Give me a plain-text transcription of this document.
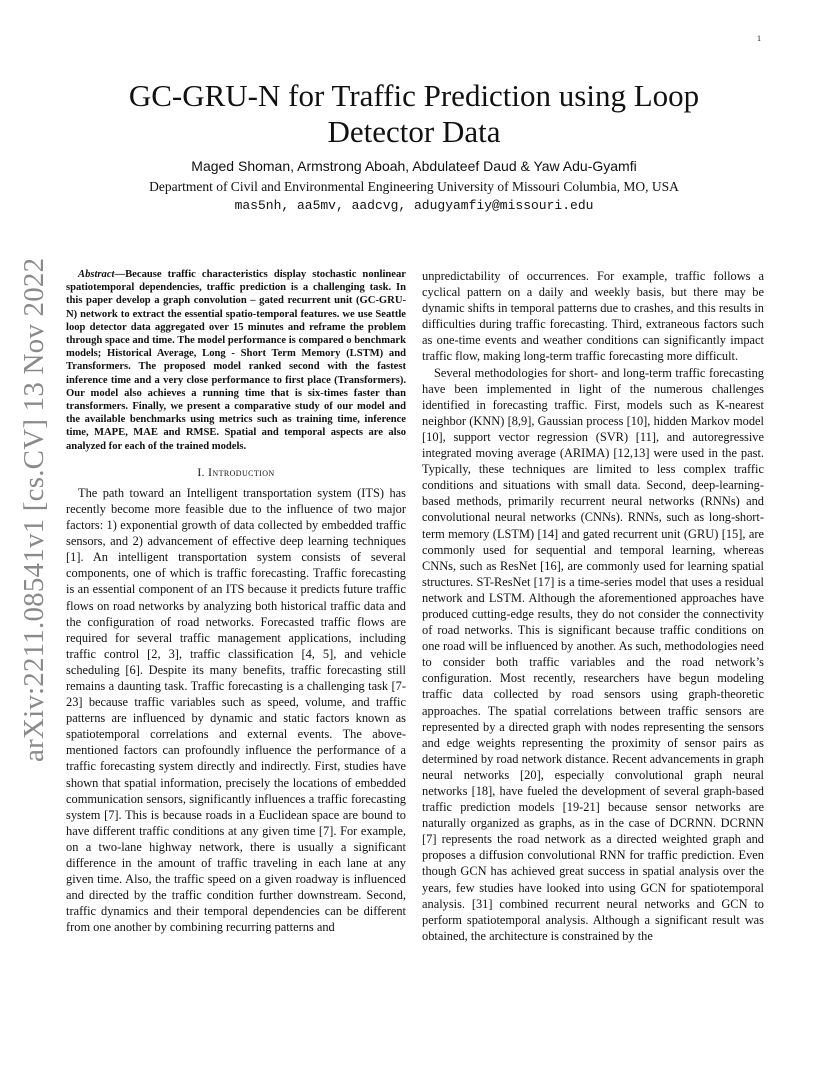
1
GC-GRU-N for Traffic Prediction using Loop Detector Data
Maged Shoman, Armstrong Aboah, Abdulateef Daud & Yaw Adu-Gyamfi
Department of Civil and Environmental Engineering University of Missouri Columbia, MO, USA
mas5nh, aa5mv, aadcvg, adugyamfiy@missouri.edu
arXiv:2211.08541v1 [cs.CV] 13 Nov 2022	Abstract—Because traffic characteristics display stochastic nonlinear spatiotemporal dependencies, traffic prediction is a challenging task. In this paper develop a graph convolution – gated recurrent unit (GC-GRU-N) network to extract the essential spatio-temporal features. we use Seattle loop detector data aggregated over 15 minutes and reframe the problem through space and time. The model performance is compared o benchmark models; Historical Average, Long - Short Term Memory (LSTM) and Transformers. The proposed model ranked second with the fastest inference time and a very close performance to first place (Transformers). Our model also achieves a running time that is six-times faster than transformers. Finally, we present a comparative study of our model and the available benchmarks using metrics such as training time, inference time, MAPE, MAE and RMSE. Spatial and temporal aspects are also analyzed for each of the trained models.

I. Introduction

The path toward an Intelligent transportation system (ITS) has recently become more feasible due to the influence of two major factors: 1) exponential growth of data collected by embedded traffic sensors, and 2) advancement of effective deep learning techniques [1]. An intelligent transportation system consists of several components, one of which is traffic forecasting. Traffic forecasting is an essential component of an ITS because it predicts future traffic flows on road networks by analyzing both historical traffic data and the configuration of road networks. Forecasted traffic flows are required for several traffic management applications, including traffic control [2, 3], traffic classification [4, 5], and vehicle scheduling [6]. Despite its many benefits, traffic forecasting still remains a daunting task. Traffic forecasting is a challenging task [7-23] because traffic variables such as speed, volume, and traffic patterns are influenced by dynamic and static factors known as spatiotemporal correlations and external events. The above-mentioned factors can profoundly influence the performance of a traffic forecasting system directly and indirectly. First, studies have shown that spatial information, precisely the locations of embedded communication sensors, significantly influences a traffic forecasting system [7]. This is because roads in a Euclidean space are bound to have different traffic conditions at any given time [7]. For example, on a two-lane highway network, there is usually a significant difference in the amount of traffic traveling in each lane at any given time. Also, the traffic speed on a given roadway is influenced and directed by the traffic condition further downstream. Second, traffic dynamics and their temporal dependencies can be different from one another by combining recurring patterns and

unpredictability of occurrences. For example, traffic follows a cyclical pattern on a daily and weekly basis, but there may be dynamic shifts in temporal patterns due to crashes, and this results in difficulties during traffic forecasting. Third, extraneous factors such as one-time events and weather conditions can significantly impact traffic flow, making long-term traffic forecasting more difficult.

Several methodologies for short- and long-term traffic forecasting have been implemented in light of the numerous challenges identified in forecasting traffic. First, models such as K-nearest neighbor (KNN) [8,9], Gaussian process [10], hidden Markov model [10], support vector regression (SVR) [11], and autoregressive integrated moving average (ARIMA) [12,13] were used in the past. Typically, these techniques are limited to less complex traffic conditions and situations with small data. Second, deep-learning-based methods, primarily recurrent neural networks (RNNs) and convolutional neural networks (CNNs). RNNs, such as long-short-term memory (LSTM) [14] and gated recurrent unit (GRU) [15], are commonly used for sequential and temporal learning, whereas CNNs, such as ResNet [16], are commonly used for learning spatial structures. ST-ResNet [17] is a time-series model that uses a residual network and LSTM. Although the aforementioned approaches have produced cutting-edge results, they do not consider the connectivity of road networks. This is significant because traffic conditions on one road will be influenced by another. As such, methodologies need to consider both traffic variables and the road network’s configuration. Most recently, researchers have begun modeling traffic data collected by road sensors using graph-theoretic approaches. The spatial correlations between traffic sensors are represented by a directed graph with nodes representing the sensors and edge weights representing the proximity of sensor pairs as determined by road network distance. Recent advancements in graph neural networks [20], especially convolutional graph neural networks [18], have fueled the development of several graph-based traffic prediction models [19-21] because sensor networks are naturally organized as graphs, as in the case of DCRNN. DCRNN [7] represents the road network as a directed weighted graph and proposes a diffusion convolutional RNN for traffic prediction. Even though GCN has achieved great success in spatial analysis over the years, few studies have looked into using GCN for spatiotemporal analysis. [31] combined recurrent neural networks and GCN to perform spatiotemporal analysis. Although a significant result was obtained, the architecture is constrained by the
